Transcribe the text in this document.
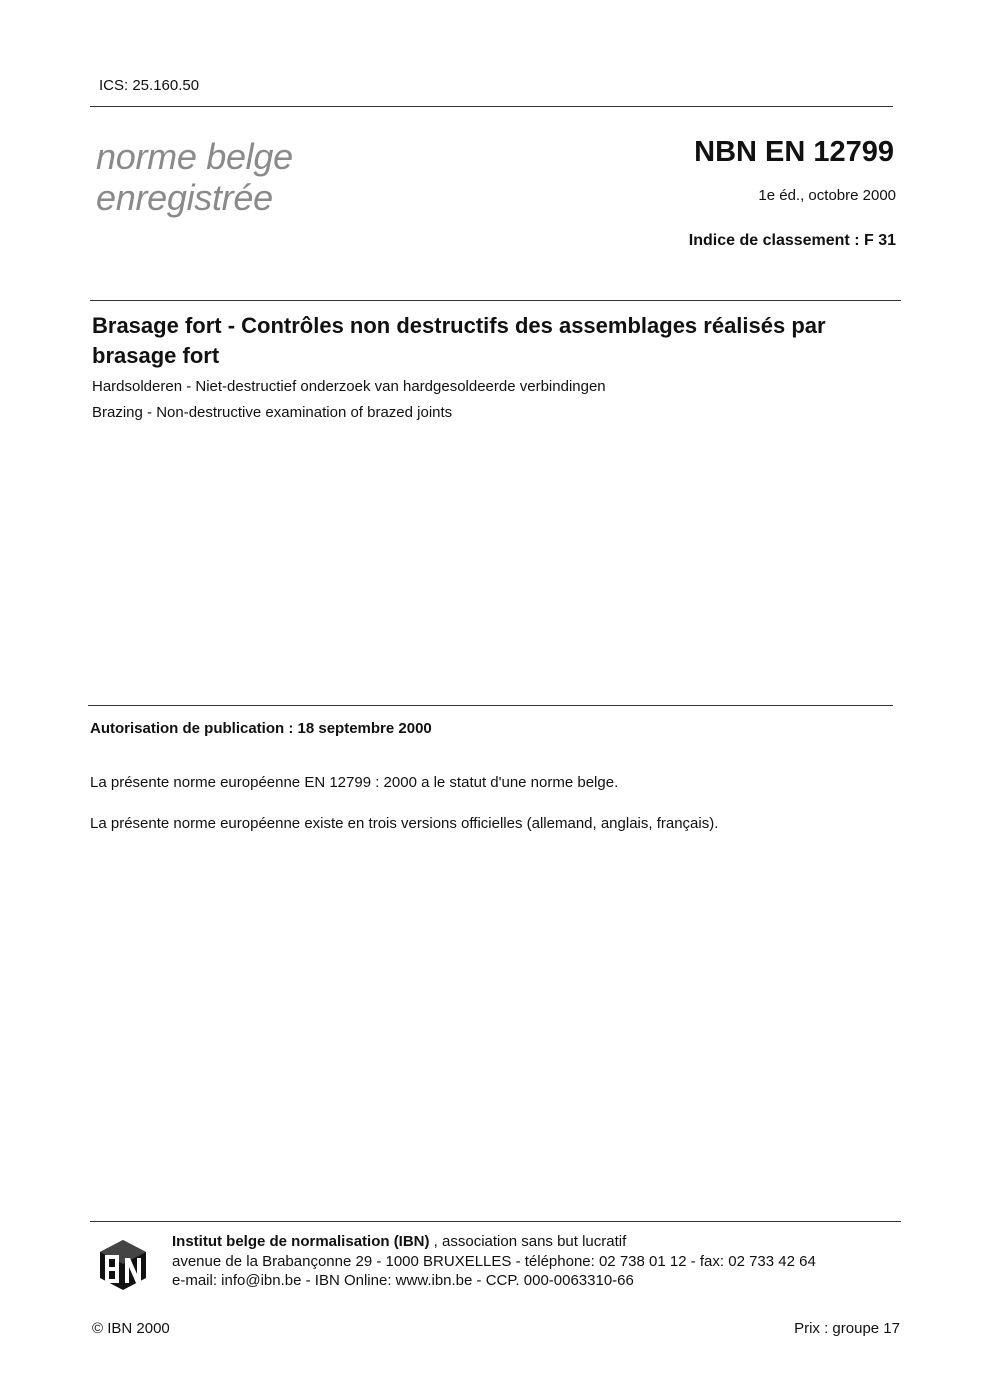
ICS: 25.160.50
norme belge
enregistrée
NBN EN 12799
1e éd., octobre 2000
Indice de classement : F 31
Brasage fort - Contrôles non destructifs des assemblages réalisés par brasage fort
Hardsolderen - Niet-destructief onderzoek van hardgesoldeerde verbindingen
Brazing - Non-destructive examination of brazed joints
Autorisation de publication : 18 septembre 2000
La présente norme européenne EN 12799 : 2000 a le statut d'une norme belge.
La présente norme européenne existe en trois versions officielles (allemand, anglais, français).
Institut belge de normalisation (IBN) , association sans but lucratif
avenue de la Brabançonne 29 - 1000 BRUXELLES - téléphone: 02 738 01 12 - fax: 02 733 42 64
e-mail: info@ibn.be - IBN Online: www.ibn.be - CCP. 000-0063310-66
© IBN 2000	Prix : groupe 17
